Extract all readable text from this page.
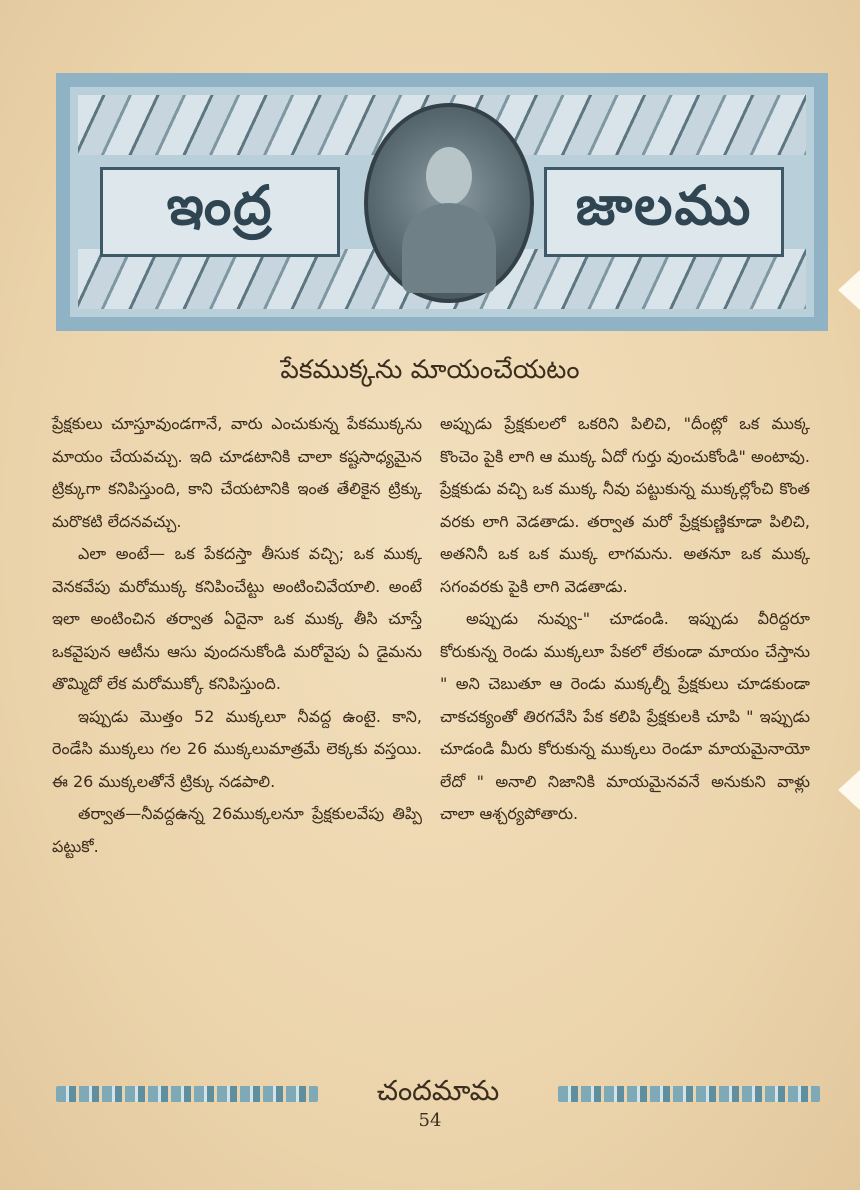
ఇంద్ర	జాలము
పేకముక్కను మాయంచేయటం

ప్రేక్షకులు చూస్తూవుండగానే, వారు ఎంచుకున్న పేకముక్కను మాయం చేయవచ్చు. ఇది చూడటానికి చాలా కష్టసాధ్యమైన ట్రిక్కుగా కనిపిస్తుంది, కాని చేయటానికి ఇంత తేలికైన ట్రిక్కు మరొకటి లేదనవచ్చు.

ఎలా అంటే— ఒక పేకదస్తా తీసుక వచ్చి; ఒక ముక్క వెనకవేపు మరోముక్క కనిపించేట్టు అంటించివేయాలి. అంటే ఇలా అంటించిన తర్వాత ఏదైనా ఒక ముక్క తీసి చూస్తే ఒకవైపున ఆటీను ఆసు వుందనుకోండి మరోవైపు ఏ డైమను తొమ్మిదో లేక మరోముక్కో కనిపిస్తుంది.

ఇప్పుడు మొత్తం 52 ముక్కలూ నీవద్ద ఉంటై. కాని, రెండేసి ముక్కలు గల 26 ముక్కలుమాత్రమే లెక్కకు వస్తయి. ఈ 26 ముక్కలతోనే ట్రిక్కు నడపాలి.

తర్వాత—నీవద్దఉన్న 26ముక్కలనూ ప్రేక్షకులవేపు తిప్పి పట్టుకో.

అప్పుడు ప్రేక్షకులలో ఒకరిని పిలిచి, "దీంట్లో ఒక ముక్క కొంచెం పైకి లాగి ఆ ముక్క ఏదో గుర్తు వుంచుకోండి" అంటావు. ప్రేక్షకుడు వచ్చి ఒక ముక్క నీవు పట్టుకున్న ముక్కల్లోంచి కొంత వరకు లాగి వెడతాడు. తర్వాత మరో ప్రేక్షకుణ్ణికూడా పిలిచి, అతనినీ ఒక ఒక ముక్క లాగమను. అతనూ ఒక ముక్క సగంవరకు పైకి లాగి వెడతాడు.

అప్పుడు నువ్వు-" చూడండి. ఇప్పుడు వీరిద్దరూ కోరుకున్న రెండు ముక్కలూ పేకలో లేకుండా మాయం చేస్తాను " అని చెబుతూ ఆ రెండు ముక్కల్నీ ప్రేక్షకులు చూడకుండా చాకచక్యంతో తిరగవేసి పేక కలిపి ప్రేక్షకులకి చూపి " ఇప్పుడు చూడండి మీరు కోరుకున్న ముక్కలు రెండూ మాయమైనాయో లేదో " అనాలి నిజానికి మాయమైనవనే అనుకుని వాళ్లు చాలా ఆశ్చర్యపోతారు.

చందమామ
54
